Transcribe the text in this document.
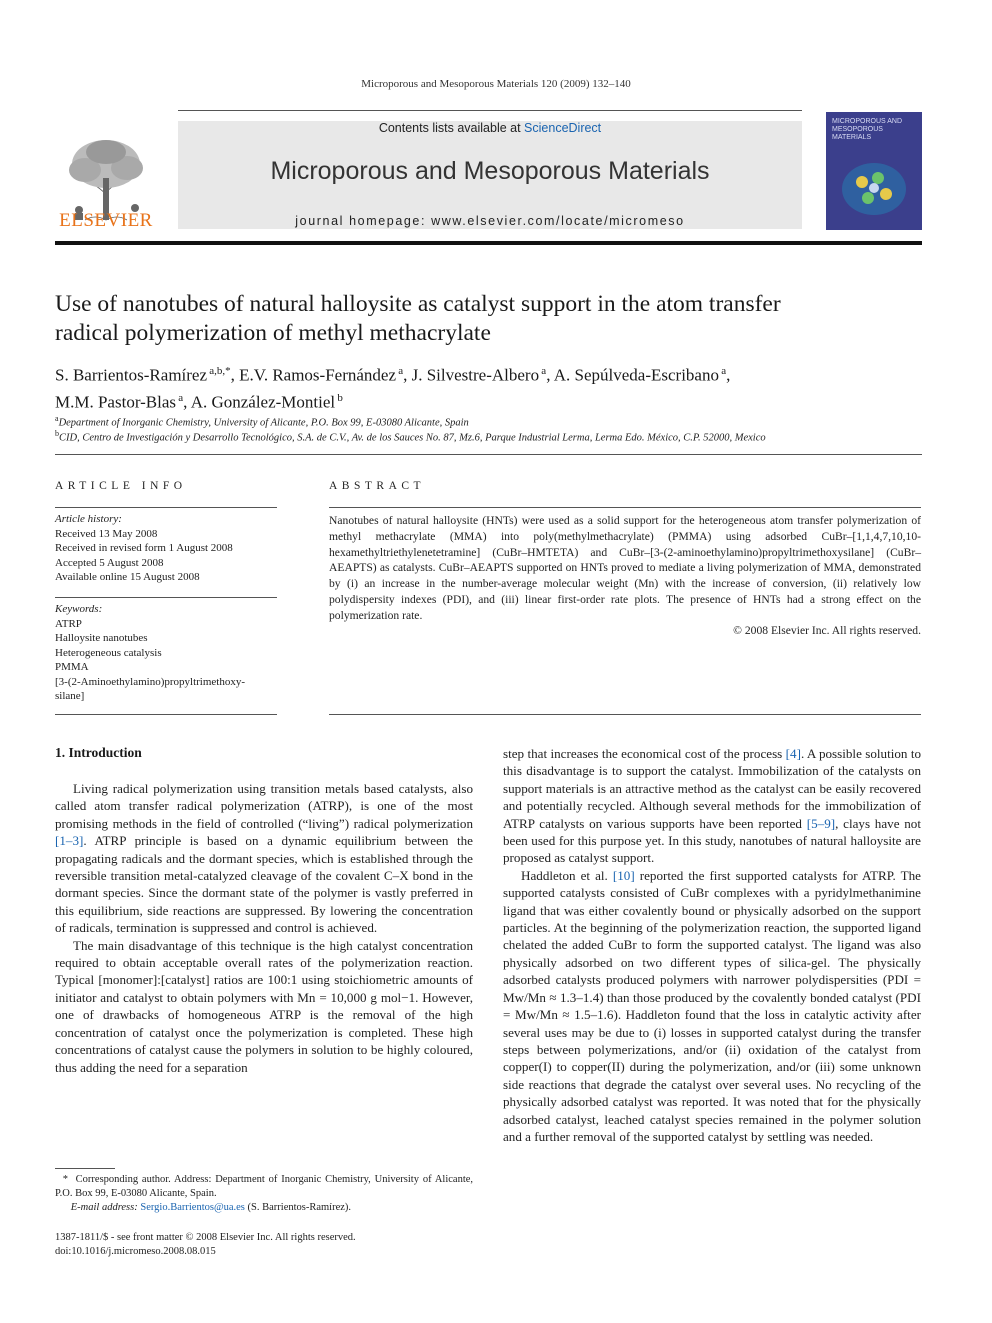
Microporous and Mesoporous Materials 120 (2009) 132–140
ELSEVIER
Contents lists available at ScienceDirect
Microporous and Mesoporous Materials
journal homepage: www.elsevier.com/locate/micromeso
MICROPOROUS AND MESOPOROUS MATERIALS
Use of nanotubes of natural halloysite as catalyst support in the atom transfer
radical polymerization of methyl methacrylate
S. Barrientos-Ramírez  $^{a,b,*}$, E.V. Ramos-Fernández  $^a$, J. Silvestre-Albero  $^a$, A. Sepúlveda-Escribano  $^a$,
M.M. Pastor-Blas  $^a$, A. González-Montiel  $^b$
$^a$Department of Inorganic Chemistry, University of Alicante, P.O. Box 99, E-03080 Alicante, Spain
$^b$CID, Centro de Investigación y Desarrollo Tecnológico, S.A. de C.V., Av. de los Sauces No. 87, Mz.6, Parque Industrial Lerma, Lerma Edo. México, C.P. 52000, Mexico
ARTICLE INFO
Article history:
Received 13 May 2008
Received in revised form 1 August 2008
Accepted 5 August 2008
Available online 15 August 2008
Keywords:
ATRP
Halloysite nanotubes
Heterogeneous catalysis
PMMA
[3-(2-Aminoethylamino)propyltrimethoxy-
silane]
ABSTRACT
Nanotubes of natural halloysite (HNTs) were used as a solid support for the heterogeneous atom transfer polymerization of methyl methacrylate (MMA) into poly(methylmethacrylate) (PMMA) using adsorbed CuBr–[1,1,4,7,10,10-hexamethyltriethylenetetramine] (CuBr–HMTETA) and CuBr–[3-(2-aminoethylamino)propyltrimethoxysilane] (CuBr–AEAPTS) as catalysts. CuBr–AEAPTS supported on HNTs proved to mediate a living polymerization of MMA, demonstrated by (i) an increase in the number-average molecular weight (Mn) with the increase of conversion, (ii) relatively low polydispersity indexes (PDI), and (iii) linear first-order rate plots. The presence of HNTs had a strong effect on the polymerization rate.
© 2008 Elsevier Inc. All rights reserved.
1. Introduction

Living radical polymerization using transition metals based catalysts, also called atom transfer radical polymerization (ATRP), is one of the most promising methods in the field of controlled (“living”) radical polymerization [1–3]. ATRP principle is based on a dynamic equilibrium between the propagating radicals and the dormant species, which is established through the reversible transition metal-catalyzed cleavage of the covalent C–X bond in the dormant species. Since the dormant state of the polymer is vastly preferred in this equilibrium, side reactions are suppressed. By lowering the concentration of radicals, termination is suppressed and control is achieved.

The main disadvantage of this technique is the high catalyst concentration required to obtain acceptable overall rates of the polymerization reaction. Typical [monomer]:[catalyst] ratios are 100:1 using stoichiometric amounts of initiator and catalyst to obtain polymers with Mn = 10,000 g mol−1. However, one of drawbacks of homogeneous ATRP is the removal of the high concentration of catalyst once the polymerization is completed. These high concentrations of catalyst cause the polymers in solution to be highly coloured, thus adding the need for a separation

step that increases the economical cost of the process [4]. A possible solution to this disadvantage is to support the catalyst. Immobilization of the catalysts on support materials is an attractive method as the catalyst can be easily recovered and potentially recycled. Although several methods for the immobilization of ATRP catalysts on various supports have been reported [5–9], clays have not been used for this purpose yet. In this study, nanotubes of natural halloysite are proposed as catalyst support.

Haddleton et al. [10] reported the first supported catalysts for ATRP. The supported catalysts consisted of CuBr complexes with a pyridylmethanimine ligand that was either covalently bound or physically adsorbed on the support particles. At the beginning of the polymerization reaction, the supported ligand chelated the added CuBr to form the supported catalyst. The ligand was also physically adsorbed on two different types of silica-gel. The physically adsorbed catalysts produced polymers with narrower polydispersities (PDI = Mw/Mn ≈ 1.3–1.4) than those produced by the covalently bonded catalyst (PDI = Mw/Mn ≈ 1.5–1.6). Haddleton found that the loss in catalytic activity after several uses may be due to (i) losses in supported catalyst during the transfer steps between polymerizations, and/or (ii) oxidation of the catalyst from copper(I) to copper(II) during the polymerization, and/or (iii) some unknown side reactions that degrade the catalyst over several uses. No recycling of the physically adsorbed catalyst was reported. It was noted that for the physically adsorbed catalyst, leached catalyst species remained in the polymer solution and a further removal of the supported catalyst by settling was needed.

* Corresponding author. Address: Department of Inorganic Chemistry, University of Alicante, P.O. Box 99, E-03080 Alicante, Spain.
E-mail address: Sergio.Barrientos@ua.es (S. Barrientos-Ramírez).
1387-1811/$ - see front matter © 2008 Elsevier Inc. All rights reserved.
doi:10.1016/j.micromeso.2008.08.015
